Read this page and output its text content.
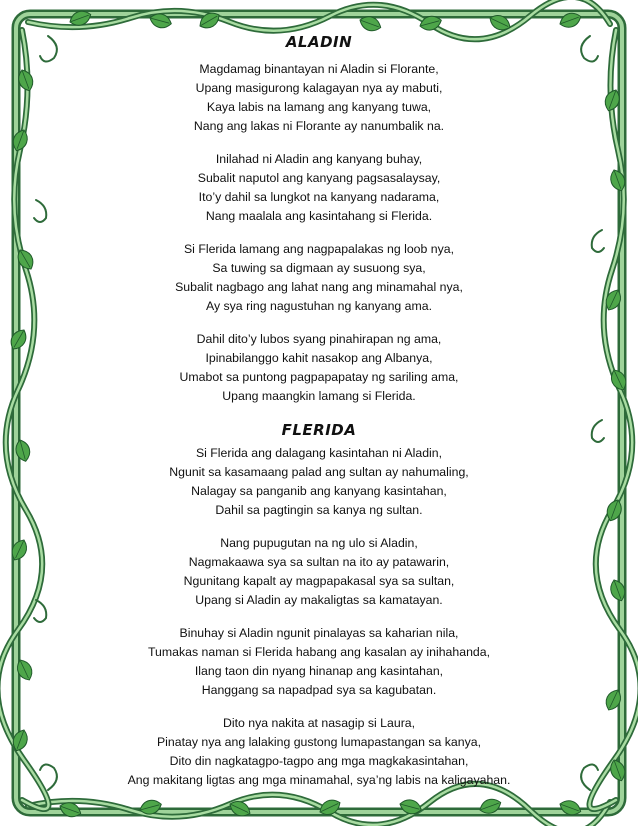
ALADIN
Magdamag binantayan ni Aladin si Florante,
Upang masigurong kalagayan nya ay mabuti,
Kaya labis na lamang ang kanyang tuwa,
Nang ang lakas ni Florante ay nanumbalik na.
Inilahad ni Aladin ang kanyang buhay,
Subalit naputol ang kanyang pagsasalaysay,
Ito’y dahil sa lungkot na kanyang nadarama,
Nang maalala ang kasintahang si Flerida.
Si Flerida lamang ang nagpapalakas ng loob nya,
Sa tuwing sa digmaan ay susuong sya,
Subalit nagbago ang lahat nang ang minamahal nya,
Ay sya ring nagustuhan ng kanyang ama.
Dahil dito’y lubos syang pinahirapan ng ama,
Ipinabilanggo kahit nasakop ang Albanya,
Umabot sa puntong pagpapapatay ng sariling ama,
Upang maangkin lamang si Flerida.
FLERIDA
Si Flerida ang dalagang kasintahan ni Aladin,
Ngunit sa kasamaang palad ang sultan ay nahumaling,
Nalagay sa panganib ang kanyang kasintahan,
Dahil sa pagtingin sa kanya ng sultan.
Nang pupugutan na ng ulo si Aladin,
Nagmakaawa sya sa sultan na ito ay patawarin,
Ngunitang kapalt ay magpapakasal sya sa sultan,
Upang si Aladin ay makaligtas sa kamatayan.
Binuhay si Aladin ngunit pinalayas sa kaharian nila,
Tumakas naman si Flerida habang ang kasalan ay inihahanda,
Ilang taon din nyang hinanap ang kasintahan,
Hanggang sa napadpad sya sa kagubatan.
Dito nya nakita at nasagip si Laura,
Pinatay nya ang lalaking gustong lumapastangan sa kanya,
Dito din nagkatagpo-tagpo ang mga magkakasintahan,
Ang makitang ligtas ang mga minamahal, sya’ng labis na kaligayahan.
